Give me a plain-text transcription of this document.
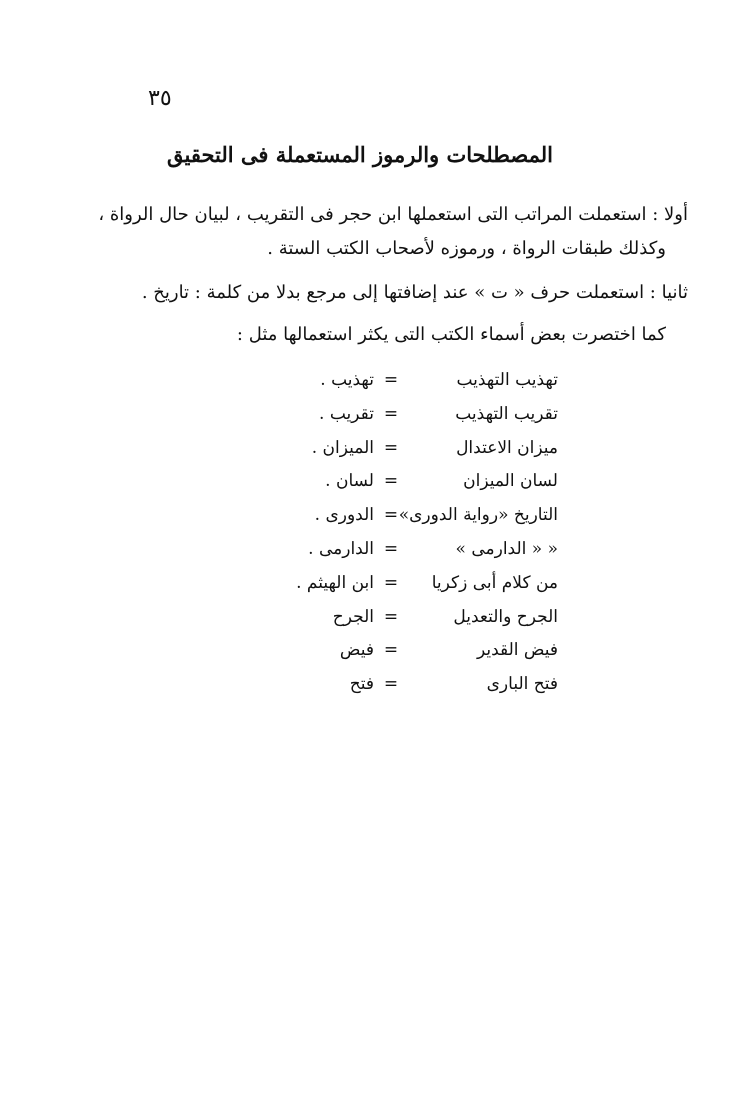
٣٥
المصطلحات والرموز المستعملة فى التحقيق
أولا : استعملت المراتب التى استعملها ابن حجر فى التقريب ، لبيان حال الرواة ،
وكذلك طبقات الرواة ، ورموزه لأصحاب الكتب الستة .
ثانيا : استعملت حرف « ت » عند إضافتها إلى مرجع بدلا من كلمة : تاريخ .
كما اختصرت بعض أسماء الكتب التى يكثر استعمالها مثل :
تهذيب التهذيب
=
تهذيب .
تقريب التهذيب
=
تقريب .
ميزان الاعتدال
=
الميزان .
لسان الميزان
=
لسان .
التاريخ «رواية الدورى»
=
الدورى .
« « الدارمى »
=
الدارمى .
من كلام أبى زكريا
=
ابن الهيثم .
الجرح والتعديل
=
الجرح
فيض القدير
=
فيض
فتح البارى
=
فتح
